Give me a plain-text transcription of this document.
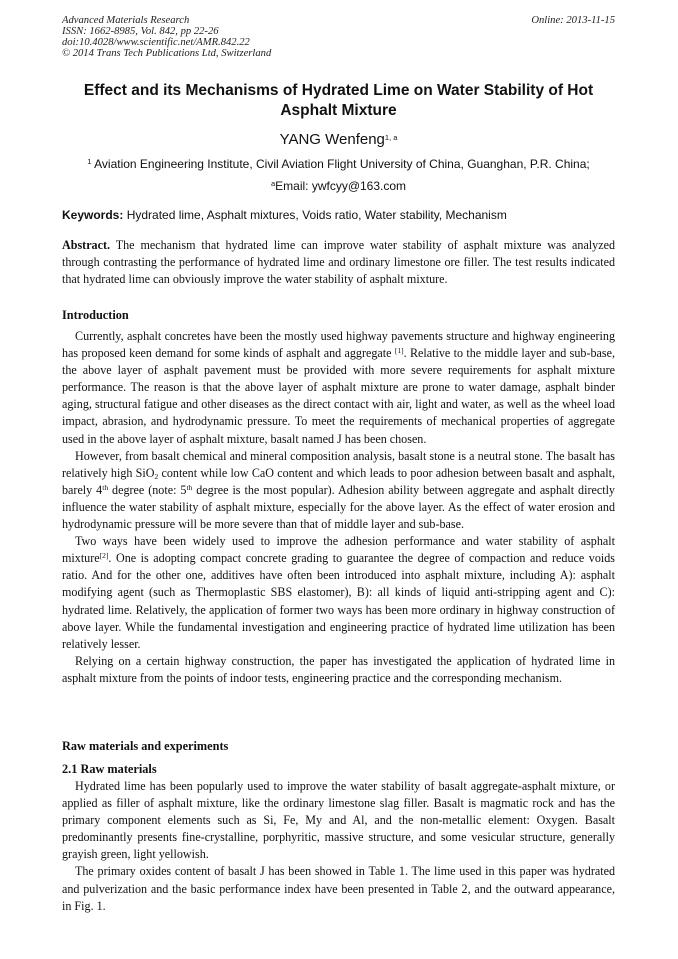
Advanced Materials Research
ISSN: 1662-8985, Vol. 842, pp 22-26
doi:10.4028/www.scientific.net/AMR.842.22
© 2014 Trans Tech Publications Ltd, Switzerland
Online: 2013-11-15
Effect and its Mechanisms of Hydrated Lime on Water Stability of Hot Asphalt Mixture
YANG Wenfeng$^{1, a}$
$^1$ Aviation Engineering Institute, Civil Aviation Flight University of China, Guanghan, P.R. China;
$^a$Email: ywfcyy@163.com
Keywords: Hydrated lime, Asphalt mixtures, Voids ratio, Water stability, Mechanism
Abstract. The mechanism that hydrated lime can improve water stability of asphalt mixture was analyzed through contrasting the performance of hydrated lime and ordinary limestone ore filler. The test results indicated that hydrated lime can obviously improve the water stability of asphalt mixture.
Introduction

Currently, asphalt concretes have been the mostly used highway pavements structure and highway engineering has proposed keen demand for some kinds of asphalt and aggregate [1]. Relative to the middle layer and sub-base, the above layer of asphalt pavement must be provided with more severe requirements for asphalt mixture performance. The reason is that the above layer of asphalt mixture are prone to water damage, asphalt binder aging, structural fatigue and other diseases as the direct contact with air, light and water, as well as the wheel load impact, abrasion, and hydrodynamic pressure. To meet the requirements of mechanical properties of aggregate used in the above layer of asphalt mixture, basalt named J has been chosen.

However, from basalt chemical and mineral composition analysis, basalt stone is a neutral stone. The basalt has relatively high SiO$_2$ content while low CaO content and which leads to poor adhesion between basalt and asphalt, barely 4th degree (note: 5th degree is the most popular). Adhesion ability between aggregate and asphalt directly influence the water stability of asphalt mixture, especially for the above layer. As the effect of water erosion and hydrodynamic pressure will be more severe than that of middle layer and sub-base.

Two ways have been widely used to improve the adhesion performance and water stability of asphalt mixture[2]. One is adopting compact concrete grading to guarantee the degree of compaction and reduce voids ratio. And for the other one, additives have often been introduced into asphalt mixture, including A): asphalt modifying agent (such as Thermoplastic SBS elastomer), B): all kinds of liquid anti-stripping agent and C): hydrated lime. Relatively, the application of former two ways has been more ordinary in highway construction of above layer. While the fundamental investigation and engineering practice of hydrated lime utilization has been relatively lesser.

Relying on a certain highway construction, the paper has investigated the application of hydrated lime in asphalt mixture from the points of indoor tests, engineering practice and the corresponding mechanism.

Raw materials and experiments
2.1 Raw materials

Hydrated lime has been popularly used to improve the water stability of basalt aggregate-asphalt mixture, or applied as filler of asphalt mixture, like the ordinary limestone slag filler. Basalt is magmatic rock and has the primary component elements such as Si, Fe, My and Al, and the non-metallic element: Oxygen. Basalt predominantly presents fine-crystalline, porphyritic, massive structure, and some vesicular structure, generally grayish green, light yellowish.

The primary oxides content of basalt J has been showed in Table 1. The lime used in this paper was hydrated and pulverization and the basic performance index have been presented in Table 2, and the outward appearance, in Fig. 1.
